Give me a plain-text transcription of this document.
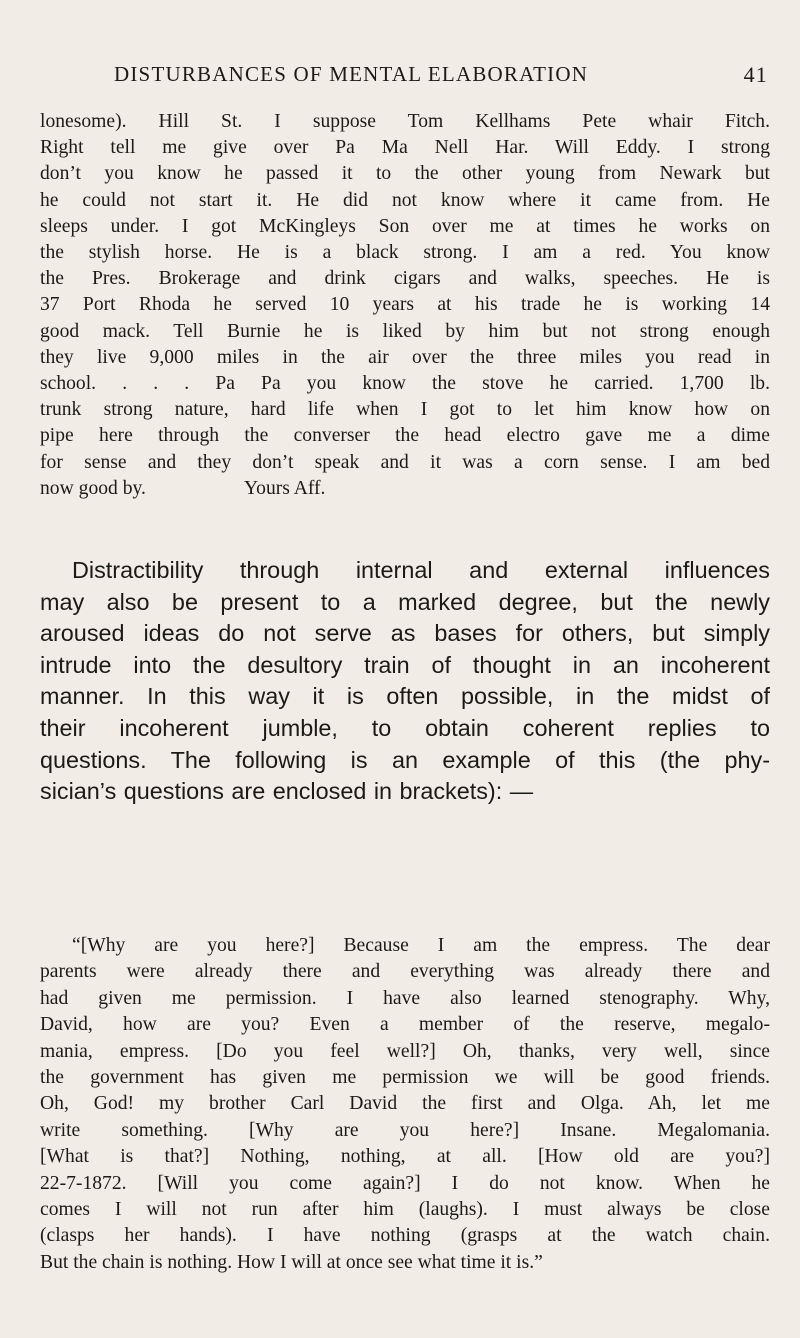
DISTURBANCES OF MENTAL ELABORATION	41
lonesome). Hill St. I suppose Tom Kellhams Pete whair Fitch.
Right tell me give over Pa Ma Nell Har. Will Eddy. I strong
don’t you know he passed it to the other young from Newark but
he could not start it. He did not know where it came from. He
sleeps under. I got McKingleys Son over me at times he works on
the stylish horse. He is a black strong. I am a red. You know
the Pres. Brokerage and drink cigars and walks, speeches. He is
37 Port Rhoda he served 10 years at his trade he is working 14
good mack. Tell Burnie he is liked by him but not strong enough
they live 9,000 miles in the air over the three miles you read in
school. . . . Pa Pa you know the stove he carried. 1,700 lb.
trunk strong nature, hard life when I got to let him know how on
pipe here through the converser the head electro gave me a dime
for sense and they don’t speak and it was a corn sense. I am bed
now good by.	Yours Aff.
Distractibility through internal and external influences
may also be present to a marked degree, but the newly
aroused ideas do not serve as bases for others, but simply
intrude into the desultory train of thought in an incoherent
manner. In this way it is often possible, in the midst of
their incoherent jumble, to obtain coherent replies to
questions. The following is an example of this (the phy-
sician’s questions are enclosed in brackets): —
“[Why are you here?] Because I am the empress. The dear
parents were already there and everything was already there and
had given me permission. I have also learned stenography. Why,
David, how are you? Even a member of the reserve, megalo-
mania, empress. [Do you feel well?] Oh, thanks, very well, since
the government has given me permission we will be good friends.
Oh, God! my brother Carl David the first and Olga. Ah, let me
write something. [Why are you here?] Insane. Megalomania.
[What is that?] Nothing, nothing, at all. [How old are you?]
22-7-1872. [Will you come again?] I do not know. When he
comes I will not run after him (laughs). I must always be close
(clasps her hands). I have nothing (grasps at the watch chain.
But the chain is nothing. How I will at once see what time it is.”
